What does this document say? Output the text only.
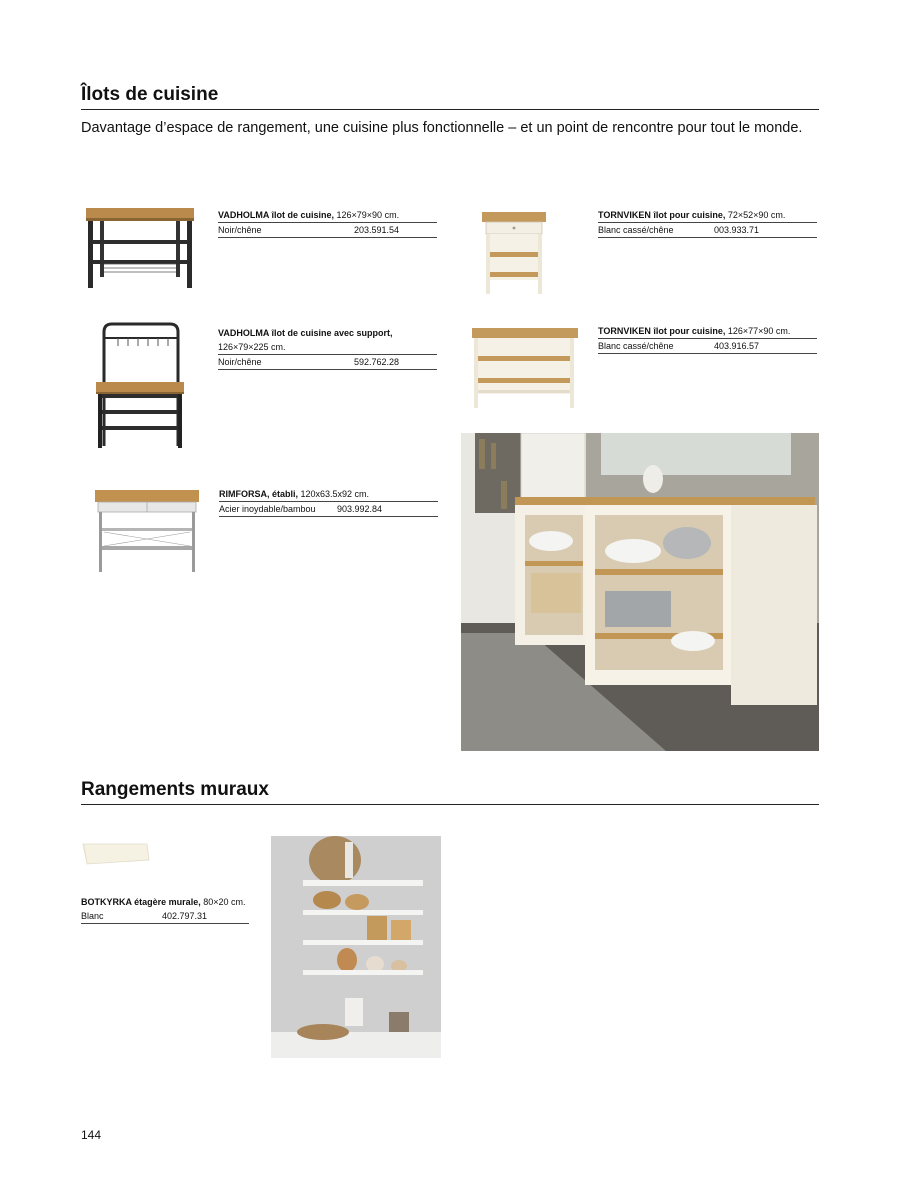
Îlots de cuisine
Davantage d’espace de rangement, une cuisine plus fonctionnelle – et un point de rencontre pour tout le monde.
VADHOLMA îlot de cuisine, 126×79×90 cm.
Noir/chêne	203.591.54
VADHOLMA îlot de cuisine avec support,
126×79×225 cm.
Noir/chêne	592.762.28
RIMFORSA, établi, 120x63.5x92 cm.
Acier inoydable/bambou 903.992.84
TORNVIKEN îlot pour cuisine, 72×52×90 cm.
Blanc cassé/chêne	003.933.71
TORNVIKEN îlot pour cuisine, 126×77×90 cm.
Blanc cassé/chêne	403.916.57
Rangements muraux
BOTKYRKA étagère murale, 80×20 cm.
Blanc	402.797.31
144
